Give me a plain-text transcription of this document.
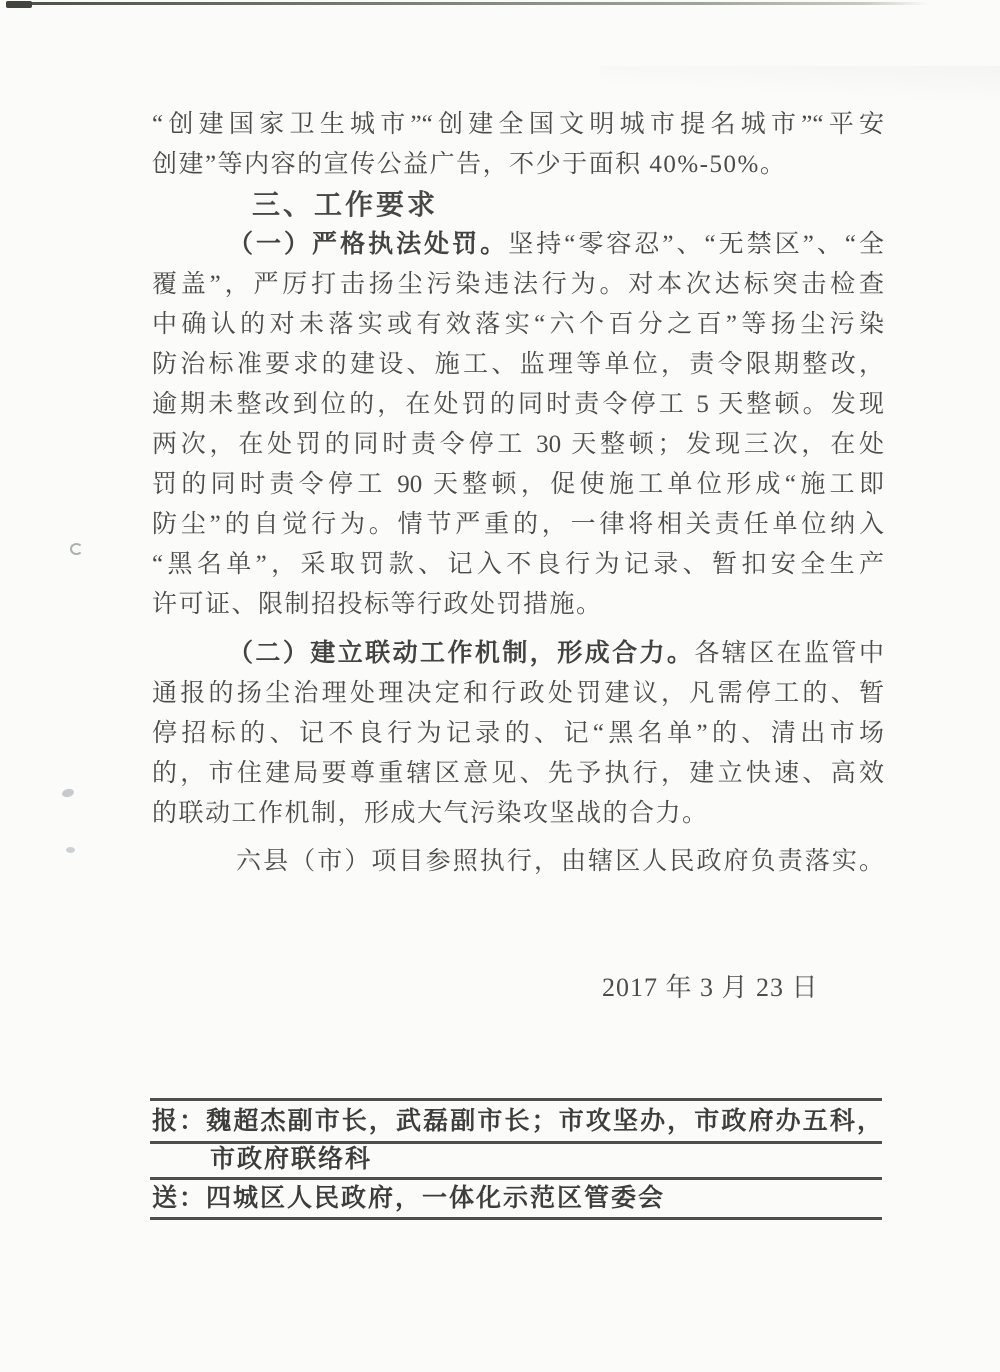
“创建国家卫生城市”“创建全国文明城市提名城市”“平安
创建”等内容的宣传公益广告，不少于面积 40%-50%。
三、工作要求
（一）严格执法处罚。坚持“零容忍”、“无禁区”、“全
覆盖”，严厉打击扬尘污染违法行为。对本次达标突击检查
中确认的对未落实或有效落实“六个百分之百”等扬尘污染
防治标准要求的建设、施工、监理等单位，责令限期整改，
逾期未整改到位的，在处罚的同时责令停工 5 天整顿。发现
两次，在处罚的同时责令停工 30 天整顿；发现三次，在处
罚的同时责令停工 90 天整顿，促使施工单位形成“施工即
防尘”的自觉行为。情节严重的，一律将相关责任单位纳入
“黑名单”，采取罚款、记入不良行为记录、暂扣安全生产
许可证、限制招投标等行政处罚措施。
（二）建立联动工作机制，形成合力。各辖区在监管中
通报的扬尘治理处理决定和行政处罚建议，凡需停工的、暂
停招标的、记不良行为记录的、记“黑名单”的、清出市场
的，市住建局要尊重辖区意见、先予执行，建立快速、高效
的联动工作机制，形成大气污染攻坚战的合力。
六县（市）项目参照执行，由辖区人民政府负责落实。
2017 年 3 月 23 日
报：魏超杰副市长，武磊副市长；市攻坚办，市政府办五科，
市政府联络科
送：四城区人民政府，一体化示范区管委会
